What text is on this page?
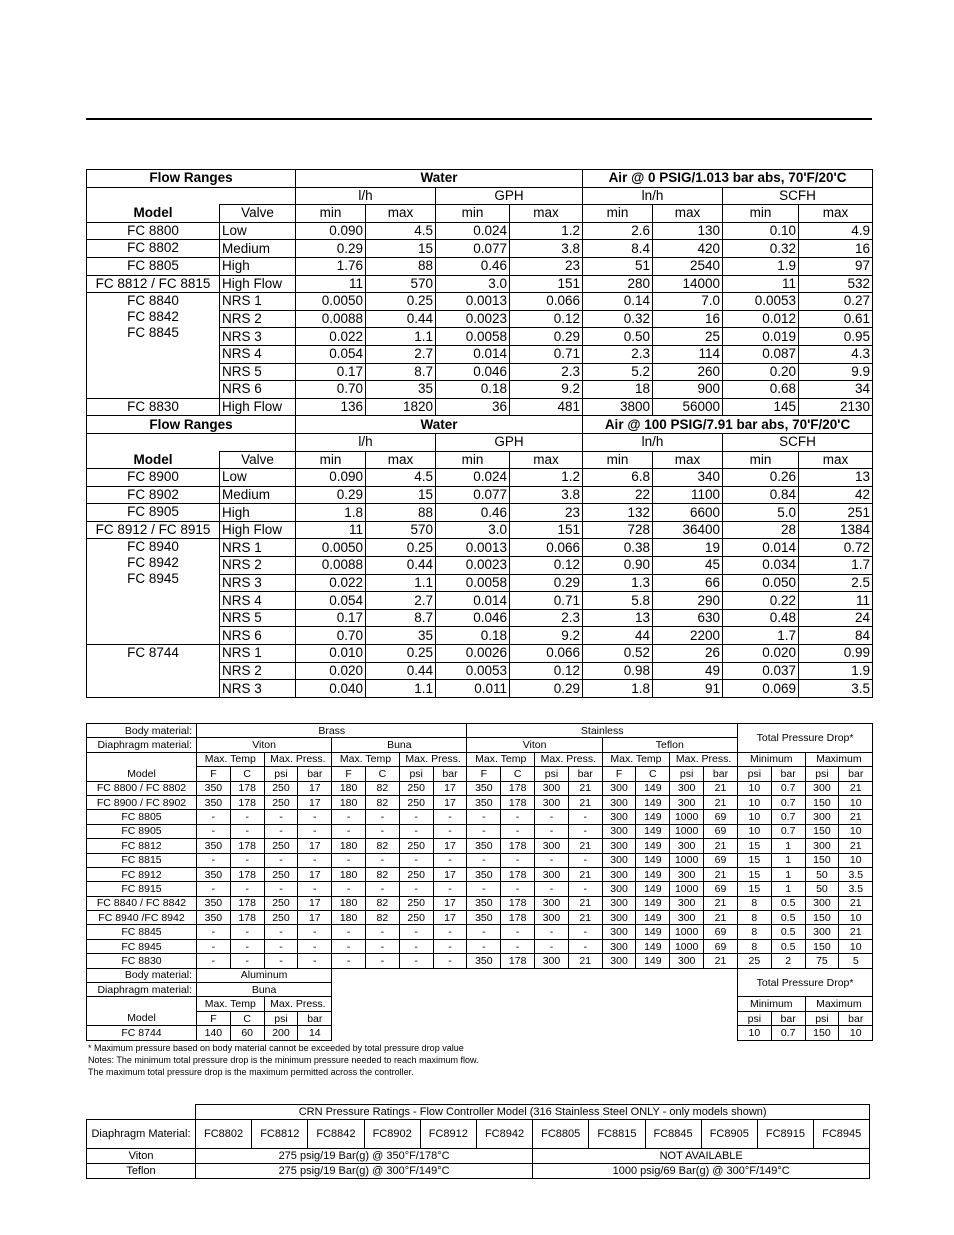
Flow Ranges		Water				Air @ 0 PSIG/1.013 bar abs, 70'F/20'C			
		l/h		GPH		ln/h		SCFH	
Model	Valve	min	max	min	max	min	max	min	max
FC 8800	Low	0.090	4.5	0.024	1.2	2.6	130	0.10	4.9
FC 8802	Medium	0.29	15	0.077	3.8	8.4	420	0.32	16
FC 8805	High	1.76	88	0.46	23	51	2540	1.9	97
FC 8812 / FC 8815	High Flow	11	570	3.0	151	280	14000	11	532
FC 8840
FC 8842
FC 8845	NRS 1	0.0050	0.25	0.0013	0.066	0.14	7.0	0.0053	0.27
	NRS 2	0.0088	0.44	0.0023	0.12	0.32	16	0.012	0.61
	NRS 3	0.022	1.1	0.0058	0.29	0.50	25	0.019	0.95
	NRS 4	0.054	2.7	0.014	0.71	2.3	114	0.087	4.3
	NRS 5	0.17	8.7	0.046	2.3	5.2	260	0.20	9.9
	NRS 6	0.70	35	0.18	9.2	18	900	0.68	34
FC 8830	High Flow	136	1820	36	481	3800	56000	145	2130
Flow Ranges		Water				Air @ 100 PSIG/7.91 bar abs, 70'F/20'C			
		l/h		GPH		ln/h		SCFH	
Model	Valve	min	max	min	max	min	max	min	max
FC 8900	Low	0.090	4.5	0.024	1.2	6.8	340	0.26	13
FC 8902	Medium	0.29	15	0.077	3.8	22	1100	0.84	42
FC 8905	High	1.8	88	0.46	23	132	6600	5.0	251
FC 8912 / FC 8915	High Flow	11	570	3.0	151	728	36400	28	1384
FC 8940
FC 8942
FC 8945	NRS 1	0.0050	0.25	0.0013	0.066	0.38	19	0.014	0.72
	NRS 2	0.0088	0.44	0.0023	0.12	0.90	45	0.034	1.7
	NRS 3	0.022	1.1	0.0058	0.29	1.3	66	0.050	2.5
	NRS 4	0.054	2.7	0.014	0.71	5.8	290	0.22	11
	NRS 5	0.17	8.7	0.046	2.3	13	630	0.48	24
	NRS 6	0.70	35	0.18	9.2	44	2200	1.7	84
FC 8744	NRS 1	0.010	0.25	0.0026	0.066	0.52	26	0.020	0.99
	NRS 2	0.020	0.44	0.0053	0.12	0.98	49	0.037	1.9
	NRS 3	0.040	1.1	0.011	0.29	1.8	91	0.069	3.5
Body material:	Brass								Stainless								Total Pressure Drop*			
Diaphragm material:	Viton				Buna				Viton				Teflon							
	Max. Temp		Max. Press.		Max. Temp		Max. Press.		Max. Temp		Max. Press.		Max. Temp		Max. Press.		Minimum		Maximum	
Model	F	C	psi	bar	F	C	psi	bar	F	C	psi	bar	F	C	psi	bar	psi	bar	psi	bar
FC 8800 / FC 8802	350	178	250	17	180	82	250	17	350	178	300	21	300	149	300	21	10	0.7	300	21
FC 8900 / FC 8902	350	178	250	17	180	82	250	17	350	178	300	21	300	149	300	21	10	0.7	150	10
FC 8805	-	-	-	-	-	-	-	-	-	-	-	-	300	149	1000	69	10	0.7	300	21
FC 8905	-	-	-	-	-	-	-	-	-	-	-	-	300	149	1000	69	10	0.7	150	10
FC 8812	350	178	250	17	180	82	250	17	350	178	300	21	300	149	300	21	15	1	300	21
FC 8815	-	-	-	-	-	-	-	-	-	-	-	-	300	149	1000	69	15	1	150	10
FC 8912	350	178	250	17	180	82	250	17	350	178	300	21	300	149	300	21	15	1	50	3.5
FC 8915	-	-	-	-	-	-	-	-	-	-	-	-	300	149	1000	69	15	1	50	3.5
FC 8840 / FC 8842	350	178	250	17	180	82	250	17	350	178	300	21	300	149	300	21	8	0.5	300	21
FC 8940 /FC 8942	350	178	250	17	180	82	250	17	350	178	300	21	300	149	300	21	8	0.5	150	10
FC 8845	-	-	-	-	-	-	-	-	-	-	-	-	300	149	1000	69	8	0.5	300	21
FC 8945	-	-	-	-	-	-	-	-	-	-	-	-	300	149	1000	69	8	0.5	150	10
FC 8830	-	-	-	-	-	-	-	-	350	178	300	21	300	149	300	21	25	2	75	5
Body material:	Aluminum																Total Pressure Drop*			
Diaphragm material:	Buna																			
	Max. Temp		Max. Press.														Minimum		Maximum	
Model	F	C	psi	bar													psi	bar	psi	bar
FC 8744	140	60	200	14													10	0.7	150	10
* Maximum pressure based on body material cannot be exceeded by total pressure drop value
Notes: The minimum total pressure drop is the minimum pressure needed to reach maximum flow.
The maximum total pressure drop is the maximum permitted across the controller.
	CRN Pressure Ratings - Flow Controller Model (316 Stainless Steel ONLY - only models shown)											
Diaphragm Material:	FC8802	FC8812	FC8842	FC8902	FC8912	FC8942	FC8805	FC8815	FC8845	FC8905	FC8915	FC8945
Viton	275 psig/19 Bar(g) @ 350°F/178°C						NOT AVAILABLE					
Teflon	275 psig/19 Bar(g) @ 300°F/149°C						1000 psig/69 Bar(g) @ 300°F/149°C					
